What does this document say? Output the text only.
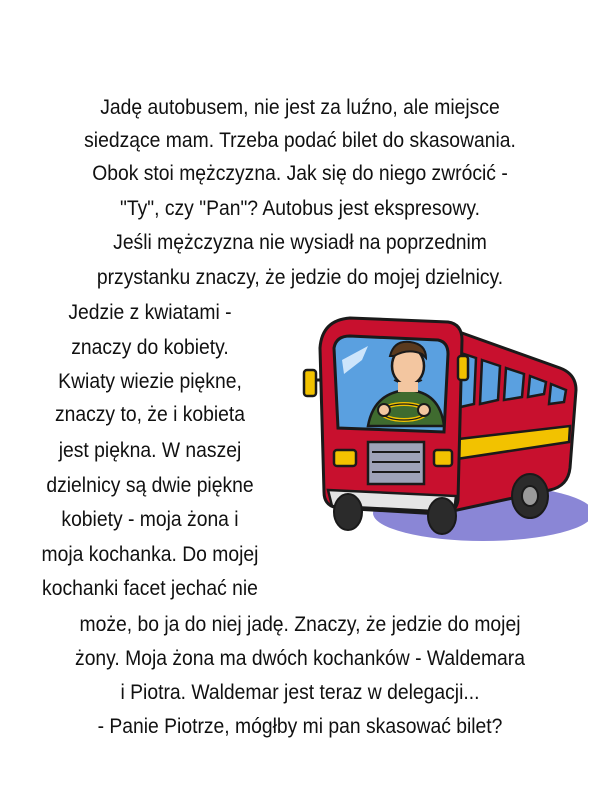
Jadę autobusem, nie jest za luźno, ale miejsce
siedzące mam. Trzeba podać bilet do skasowania.
Obok stoi mężczyzna. Jak się do niego zwrócić -
"Ty", czy "Pan"? Autobus jest ekspresowy.
Jeśli mężczyzna nie wysiadł na poprzednim
przystanku znaczy, że jedzie do mojej dzielnicy.
Jedzie z kwiatami -
znaczy do kobiety.
Kwiaty wiezie piękne,
znaczy to, że i kobieta
jest piękna. W naszej
dzielnicy są dwie piękne
kobiety - moja żona i
moja kochanka. Do mojej
kochanki facet jechać nie
może, bo ja do niej jadę. Znaczy, że jedzie do mojej
żony. Moja żona ma dwóch kochanków - Waldemara
i Piotra. Waldemar jest teraz w delegacji...
- Panie Piotrze, mógłby mi pan skasować bilet?
